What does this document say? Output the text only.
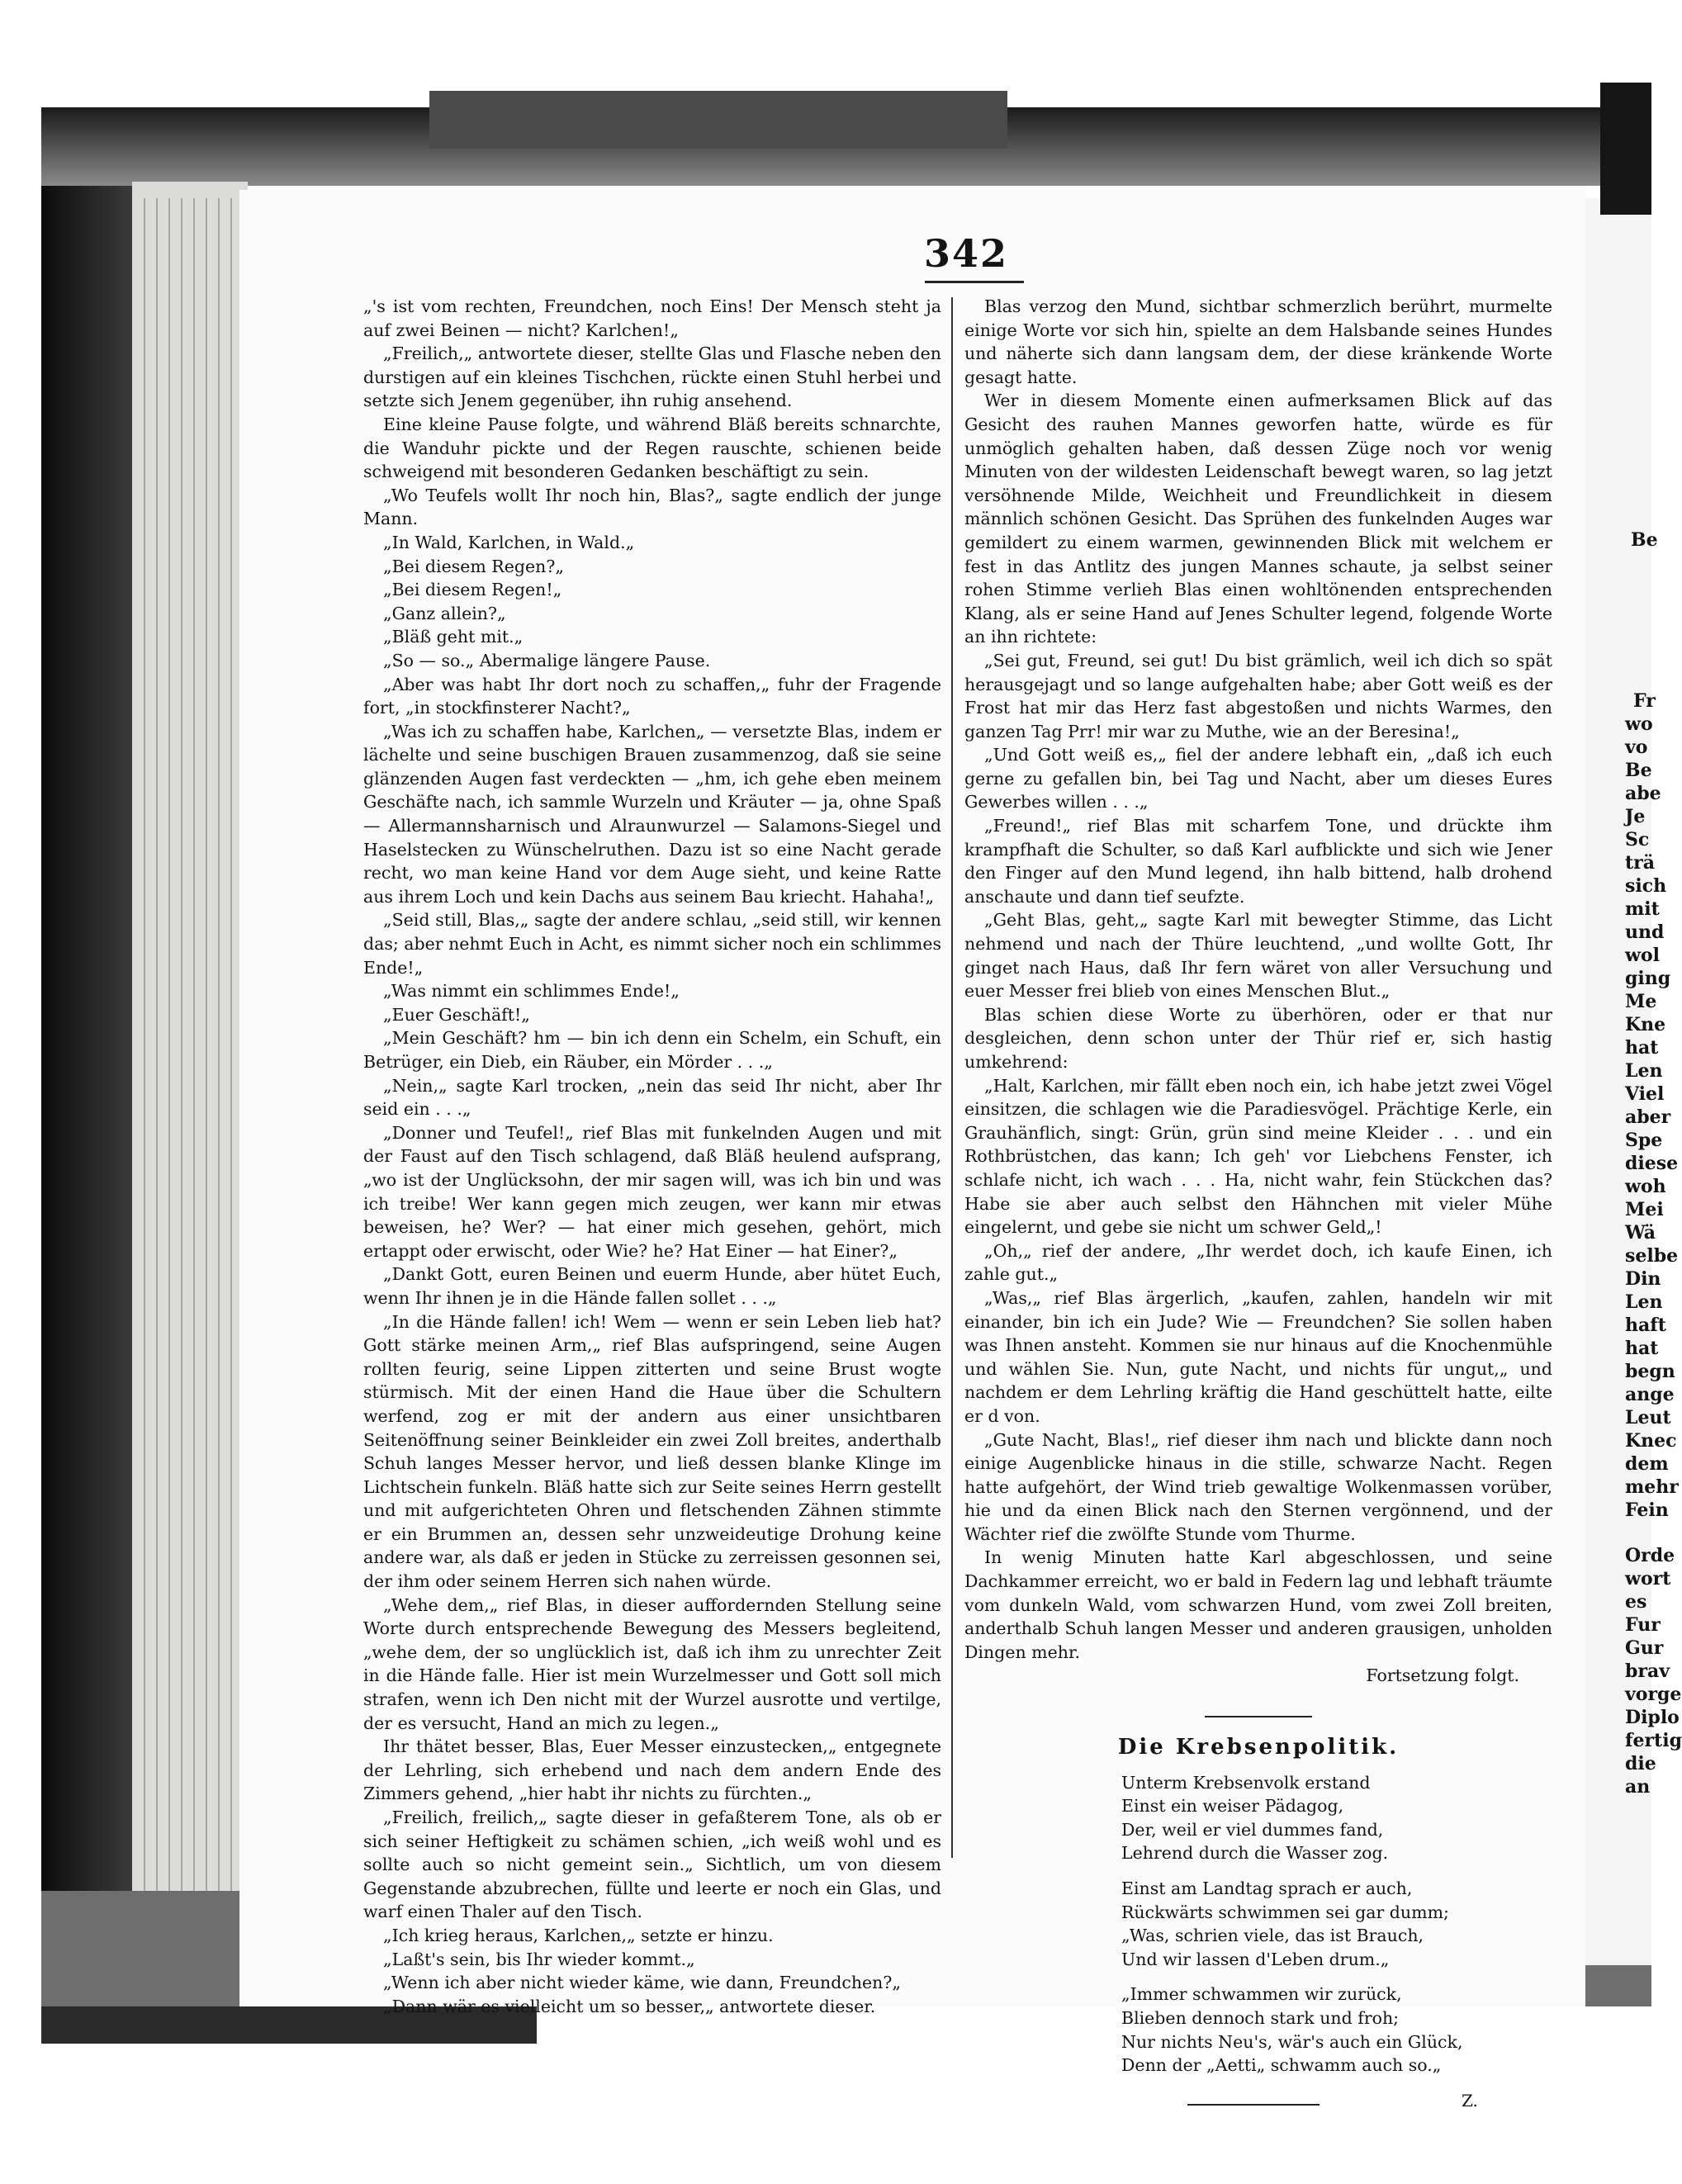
342

„'s ist vom rechten, Freundchen, noch Eins! Der Mensch steht ja auf zwei Beinen — nicht? Karlchen!„

„Freilich,„ antwortete dieser, stellte Glas und Flasche neben den durstigen auf ein kleines Tischchen, rückte einen Stuhl herbei und setzte sich Jenem gegenüber, ihn ruhig ansehend.

Eine kleine Pause folgte, und während Bläß bereits schnarchte, die Wanduhr pickte und der Regen rauschte, schienen beide schweigend mit besonderen Gedanken beschäftigt zu sein.

„Wo Teufels wollt Ihr noch hin, Blas?„ sagte endlich der junge Mann.

„In Wald, Karlchen, in Wald.„

„Bei diesem Regen?„

„Bei diesem Regen!„

„Ganz allein?„

„Bläß geht mit.„

„So — so.„ Abermalige längere Pause.

„Aber was habt Ihr dort noch zu schaffen,„ fuhr der Fragende fort, „in stockfinsterer Nacht?„

„Was ich zu schaffen habe, Karlchen„ — versetzte Blas, indem er lächelte und seine buschigen Brauen zusammenzog, daß sie seine glänzenden Augen fast verdeckten — „hm, ich gehe eben meinem Geschäfte nach, ich sammle Wurzeln und Kräuter — ja, ohne Spaß — Allermannsharnisch und Alraunwurzel — Salamons-Siegel und Haselstecken zu Wünschelruthen. Dazu ist so eine Nacht gerade recht, wo man keine Hand vor dem Auge sieht, und keine Ratte aus ihrem Loch und kein Dachs aus seinem Bau kriecht. Hahaha!„

„Seid still, Blas,„ sagte der andere schlau, „seid still, wir kennen das; aber nehmt Euch in Acht, es nimmt sicher noch ein schlimmes Ende!„

„Was nimmt ein schlimmes Ende!„

„Euer Geschäft!„

„Mein Geschäft? hm — bin ich denn ein Schelm, ein Schuft, ein Betrüger, ein Dieb, ein Räuber, ein Mörder . . .„

„Nein,„ sagte Karl trocken, „nein das seid Ihr nicht, aber Ihr seid ein . . .„

„Donner und Teufel!„ rief Blas mit funkelnden Augen und mit der Faust auf den Tisch schlagend, daß Bläß heulend aufsprang, „wo ist der Unglücksohn, der mir sagen will, was ich bin und was ich treibe! Wer kann gegen mich zeugen, wer kann mir etwas beweisen, he? Wer? — hat einer mich gesehen, gehört, mich ertappt oder erwischt, oder Wie? he? Hat Einer — hat Einer?„

„Dankt Gott, euren Beinen und euerm Hunde, aber hütet Euch, wenn Ihr ihnen je in die Hände fallen sollet . . .„

„In die Hände fallen! ich! Wem — wenn er sein Leben lieb hat? Gott stärke meinen Arm,„ rief Blas aufspringend, seine Augen rollten feurig, seine Lippen zitterten und seine Brust wogte stürmisch. Mit der einen Hand die Haue über die Schultern werfend, zog er mit der andern aus einer unsichtbaren Seitenöffnung seiner Beinkleider ein zwei Zoll breites, anderthalb Schuh langes Messer hervor, und ließ dessen blanke Klinge im Lichtschein funkeln. Bläß hatte sich zur Seite seines Herrn gestellt und mit aufgerichteten Ohren und fletschenden Zähnen stimmte er ein Brummen an, dessen sehr unzweideutige Drohung keine andere war, als daß er jeden in Stücke zu zerreissen gesonnen sei, der ihm oder seinem Herren sich nahen würde.

„Wehe dem,„ rief Blas, in dieser auffordernden Stellung seine Worte durch entsprechende Bewegung des Messers begleitend, „wehe dem, der so unglücklich ist, daß ich ihm zu unrechter Zeit in die Hände falle. Hier ist mein Wurzelmesser und Gott soll mich strafen, wenn ich Den nicht mit der Wurzel ausrotte und vertilge, der es versucht, Hand an mich zu legen.„

Ihr thätet besser, Blas, Euer Messer einzustecken,„ entgegnete der Lehrling, sich erhebend und nach dem andern Ende des Zimmers gehend, „hier habt ihr nichts zu fürchten.„

„Freilich, freilich,„ sagte dieser in gefaßterem Tone, als ob er sich seiner Heftigkeit zu schämen schien, „ich weiß wohl und es sollte auch so nicht gemeint sein.„ Sichtlich, um von diesem Gegenstande abzubrechen, füllte und leerte er noch ein Glas, und warf einen Thaler auf den Tisch.

„Ich krieg heraus, Karlchen,„ setzte er hinzu.

„Laßt's sein, bis Ihr wieder kommt.„

„Wenn ich aber nicht wieder käme, wie dann, Freundchen?„

„Dann wär es vielleicht um so besser,„ antwortete dieser.

Blas verzog den Mund, sichtbar schmerzlich berührt, murmelte einige Worte vor sich hin, spielte an dem Halsbande seines Hundes und näherte sich dann langsam dem, der diese kränkende Worte gesagt hatte.

Wer in diesem Momente einen aufmerksamen Blick auf das Gesicht des rauhen Mannes geworfen hatte, würde es für unmöglich gehalten haben, daß dessen Züge noch vor wenig Minuten von der wildesten Leidenschaft bewegt waren, so lag jetzt versöhnende Milde, Weichheit und Freundlichkeit in diesem männlich schönen Gesicht. Das Sprühen des funkelnden Auges war gemildert zu einem warmen, gewinnenden Blick mit welchem er fest in das Antlitz des jungen Mannes schaute, ja selbst seiner rohen Stimme verlieh Blas einen wohltönenden entsprechenden Klang, als er seine Hand auf Jenes Schulter legend, folgende Worte an ihn richtete:

„Sei gut, Freund, sei gut! Du bist grämlich, weil ich dich so spät herausgejagt und so lange aufgehalten habe; aber Gott weiß es der Frost hat mir das Herz fast abgestoßen und nichts Warmes, den ganzen Tag Prr! mir war zu Muthe, wie an der Beresina!„

„Und Gott weiß es,„ fiel der andere lebhaft ein, „daß ich euch gerne zu gefallen bin, bei Tag und Nacht, aber um dieses Eures Gewerbes willen . . .„

„Freund!„ rief Blas mit scharfem Tone, und drückte ihm krampfhaft die Schulter, so daß Karl aufblickte und sich wie Jener den Finger auf den Mund legend, ihn halb bittend, halb drohend anschaute und dann tief seufzte.

„Geht Blas, geht,„ sagte Karl mit bewegter Stimme, das Licht nehmend und nach der Thüre leuchtend, „und wollte Gott, Ihr ginget nach Haus, daß Ihr fern wäret von aller Versuchung und euer Messer frei blieb von eines Menschen Blut.„

Blas schien diese Worte zu überhören, oder er that nur desgleichen, denn schon unter der Thür rief er, sich hastig umkehrend:

„Halt, Karlchen, mir fällt eben noch ein, ich habe jetzt zwei Vögel einsitzen, die schlagen wie die Paradiesvögel. Prächtige Kerle, ein Grauhänflich, singt: Grün, grün sind meine Kleider . . . und ein Rothbrüstchen, das kann; Ich geh' vor Liebchens Fenster, ich schlafe nicht, ich wach . . . Ha, nicht wahr, fein Stückchen das? Habe sie aber auch selbst den Hähnchen mit vieler Mühe eingelernt, und gebe sie nicht um schwer Geld„!

„Oh,„ rief der andere, „Ihr werdet doch, ich kaufe Einen, ich zahle gut.„

„Was,„ rief Blas ärgerlich, „kaufen, zahlen, handeln wir mit einander, bin ich ein Jude? Wie — Freundchen? Sie sollen haben was Ihnen ansteht. Kommen sie nur hinaus auf die Knochenmühle und wählen Sie. Nun, gute Nacht, und nichts für ungut,„ und nachdem er dem Lehrling kräftig die Hand geschüttelt hatte, eilte er d von.

„Gute Nacht, Blas!„ rief dieser ihm nach und blickte dann noch einige Augenblicke hinaus in die stille, schwarze Nacht. Regen hatte aufgehört, der Wind trieb gewaltige Wolkenmassen vorüber, hie und da einen Blick nach den Sternen vergönnend, und der Wächter rief die zwölfte Stunde vom Thurme.

In wenig Minuten hatte Karl abgeschlossen, und seine Dachkammer erreicht, wo er bald in Federn lag und lebhaft träumte vom dunkeln Wald, vom schwarzen Hund, vom zwei Zoll breiten, anderthalb Schuh langen Messer und anderen grausigen, unholden Dingen mehr.

Fortsetzung folgt.
Die Krebsenpolitik.
Unterm Krebsenvolk erstand
Einst ein weiser Pädagog,
Der, weil er viel dummes fand,
Lehrend durch die Wasser zog.
Einst am Landtag sprach er auch,
Rückwärts schwimmen sei gar dumm;
„Was, schrien viele, das ist Brauch,
Und wir lassen d'Leben drum.„
„Immer schwammen wir zurück,
Blieben dennoch stark und froh;
Nur nichts Neu's, wär's auch ein Glück,
Denn der „Aetti„ schwamm auch so.„
Z.
Be
Fr
wo
vo
Be
abe
Je
Sc
trä
sich
mit
und
wol
ging
Me
Kne
hat
Len
Viel
aber
Spe
diese
woh
Mei
Wä
selbe
Din
Len
haft
hat
begn
ange
Leut
Knec
dem
mehr
Fein
Orde
wort
es
Fur
Gur
brav
vorge
Diplo
fertig
die
an
